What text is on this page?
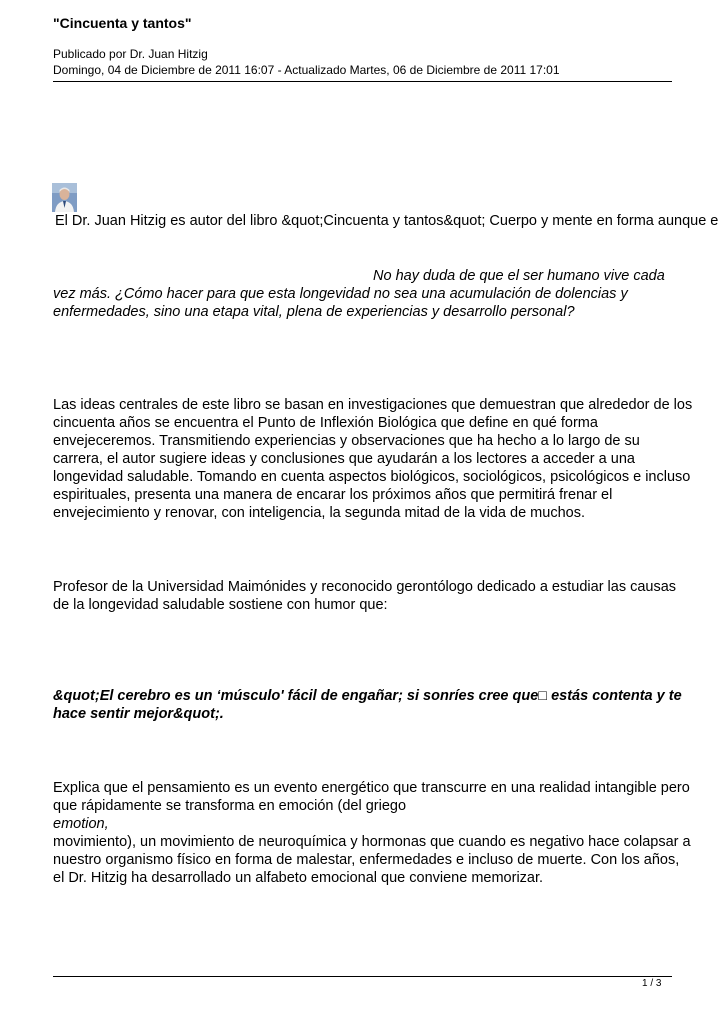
"Cincuenta y tantos"
Publicado por Dr. Juan Hitzig
Domingo, 04 de Diciembre de 2011 16:07 - Actualizado Martes, 06 de Diciembre de 2011 17:01
El Dr. Juan Hitzig es autor del libro &quot;Cincuenta y tantos&quot; Cuerpo y mente en forma aunque e
No hay duda de que el ser humano vive cada
vez más. ¿Cómo hacer para que esta longevidad no sea una acumulación de dolencias y enfermedades, sino una etapa vital, plena de experiencias y desarrollo personal?
Las ideas centrales de este libro se basan en investigaciones que demuestran que alrededor de los cincuenta años se encuentra el Punto de Inflexión Biológica que define en qué forma envejeceremos. Transmitiendo experiencias y observaciones que ha hecho a lo largo de su carrera, el autor sugiere ideas y conclusiones que ayudarán a los lectores a acceder a una longevidad saludable. Tomando en cuenta aspectos biológicos, sociológicos, psicológicos e incluso espirituales, presenta una manera de encarar los próximos años que permitirá frenar el envejecimiento y renovar, con inteligencia, la segunda mitad de la vida de muchos.
Profesor de la Universidad Maimónides y reconocido gerontólogo dedicado a estudiar las causas de la longevidad saludable sostiene con humor que:
&quot;El cerebro es un ‘músculo' fácil de engañar; si sonríes cree que□ estás contenta y te hace sentir mejor&quot;.
Explica que el pensamiento es un evento energético que transcurre en una realidad intangible pero que rápidamente se transforma en emoción (del griego
emotion,
movimiento), un movimiento de neuroquímica y hormonas que cuando es negativo hace colapsar a nuestro organismo físico en forma de malestar, enfermedades e incluso de muerte. Con los años, el Dr. Hitzig ha desarrollado un alfabeto emocional que conviene memorizar.
1 / 3
